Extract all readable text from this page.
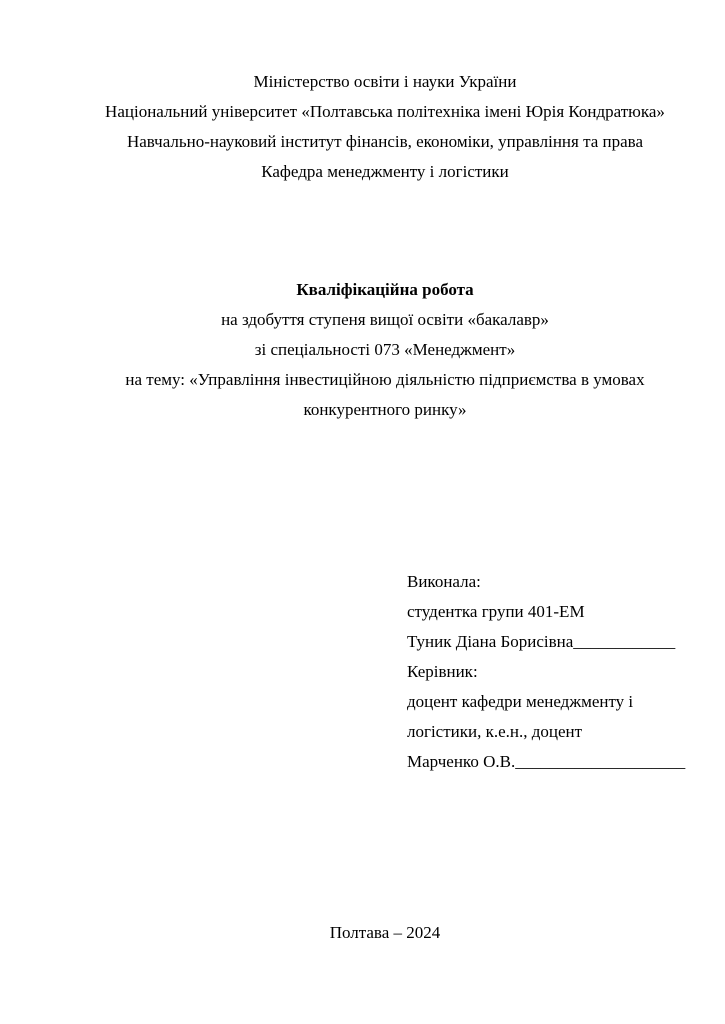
Міністерство освіти і науки України

Національний університет «Полтавська політехніка імені Юрія Кондратюка»

Навчально-науковий інститут фінансів, економіки, управління та права

Кафедра менеджменту і логістики

Кваліфікаційна робота

на здобуття ступеня вищої освіти «бакалавр»

зі спеціальності 073 «Менеджмент»

на тему: «Управління інвестиційною діяльністю підприємства в умовах

конкурентного ринку»

Виконала:

студентка групи 401-ЕМ

Туник Діана Борисівна____________

Керівник:

доцент кафедри менеджменту і

логістики, к.е.н., доцент

Марченко О.В.____________________

Полтава – 2024
